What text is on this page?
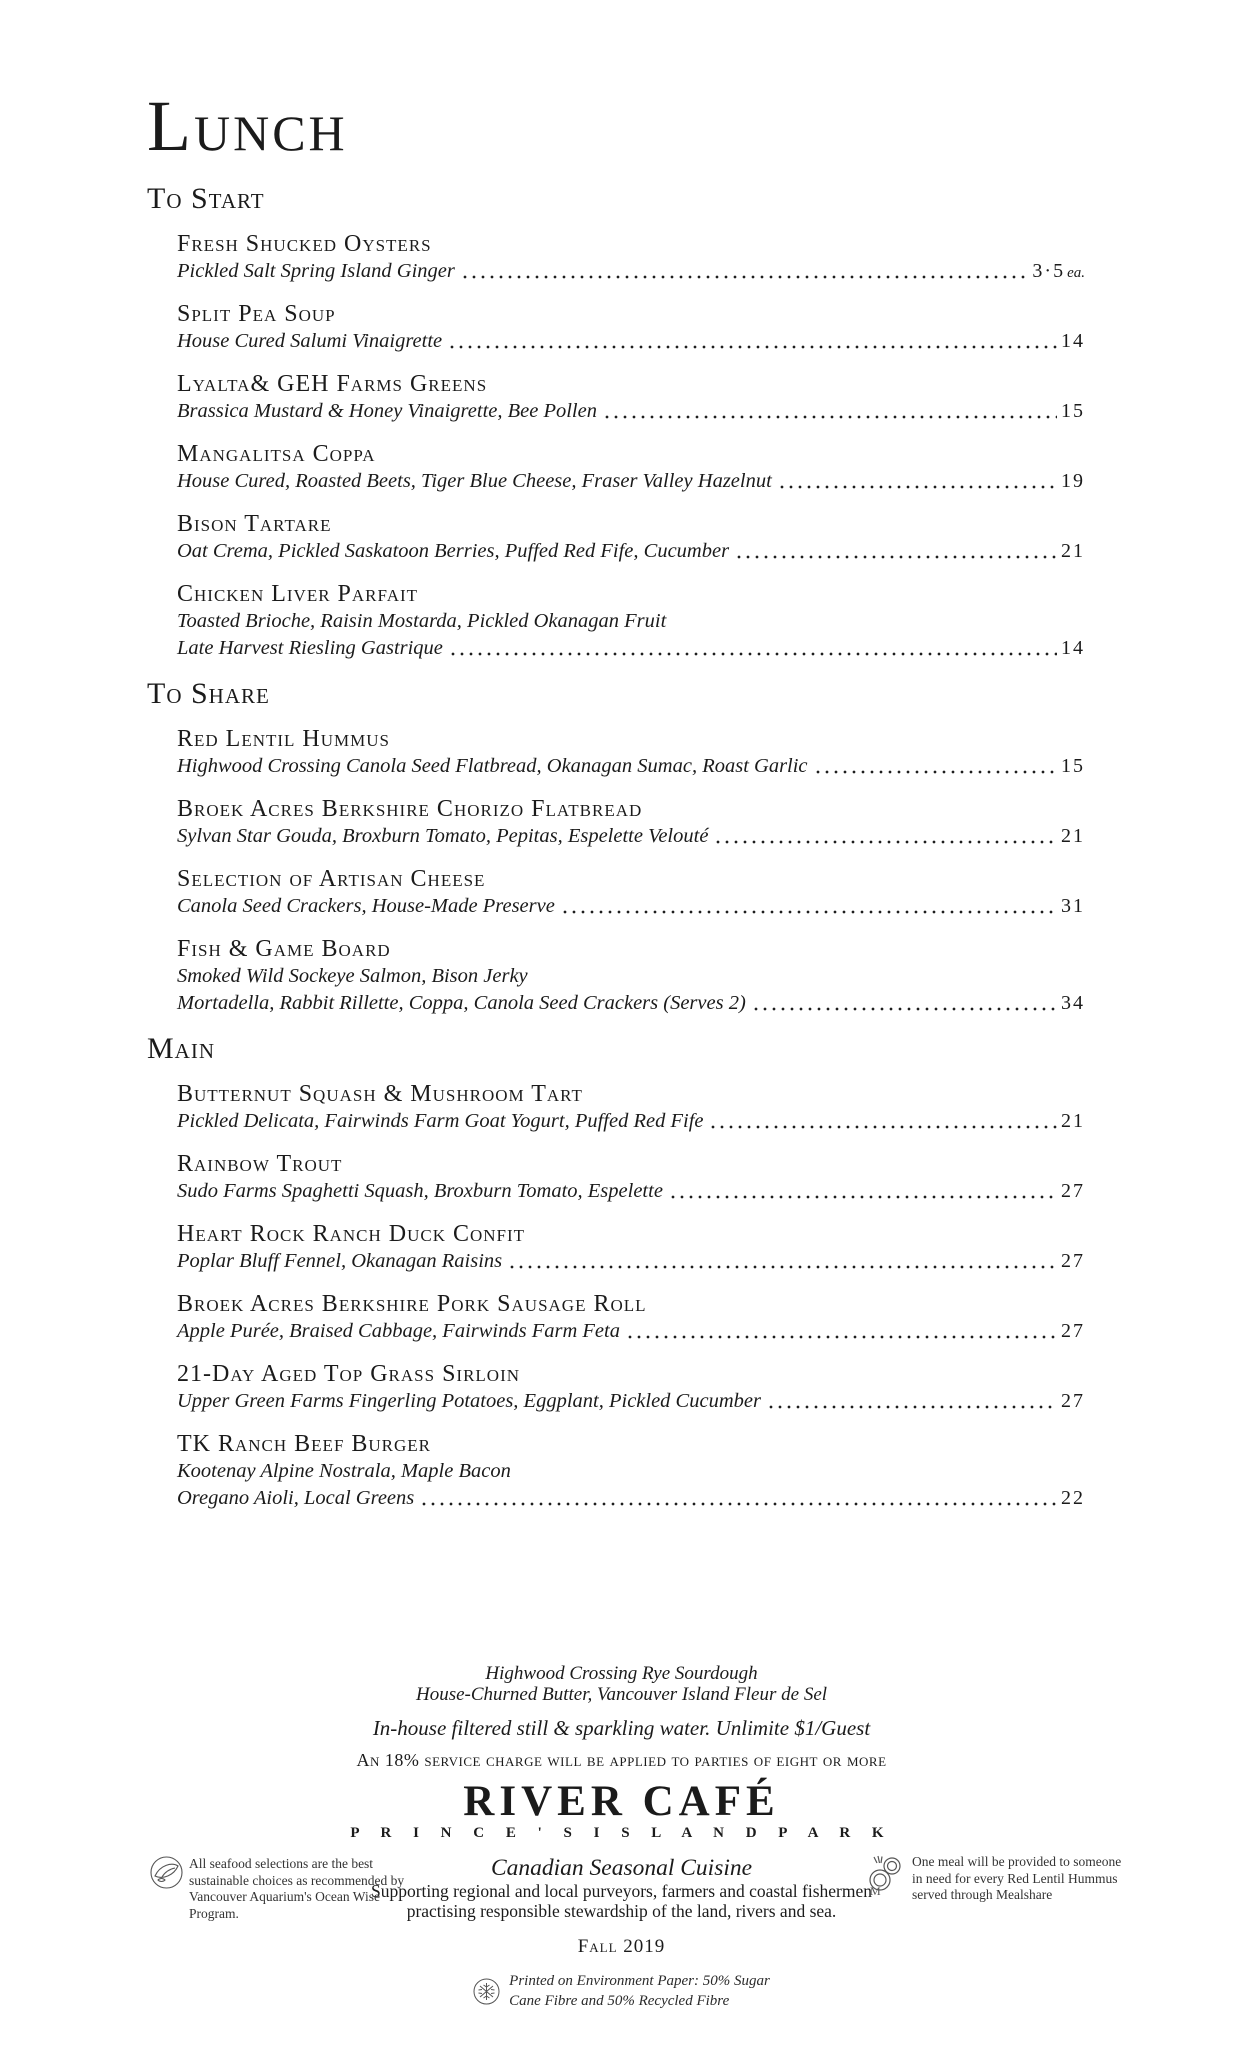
Lunch
To Start
Fresh Shucked Oysters
Pickled Salt Spring Island Ginger	3·5 ea.
Split Pea Soup
House Cured Salumi Vinaigrette	14
Lyalta& GEH Farms Greens
Brassica Mustard & Honey Vinaigrette, Bee Pollen	15
Mangalitsa Coppa
House Cured, Roasted Beets, Tiger Blue Cheese, Fraser Valley Hazelnut	19
Bison Tartare
Oat Crema, Pickled Saskatoon Berries, Puffed Red Fife, Cucumber	21
Chicken Liver Parfait
Toasted Brioche, Raisin Mostarda, Pickled Okanagan Fruit
Late Harvest Riesling Gastrique	14
To Share
Red Lentil Hummus
Highwood Crossing Canola Seed Flatbread, Okanagan Sumac, Roast Garlic	15
Broek Acres Berkshire Chorizo Flatbread
Sylvan Star Gouda, Broxburn Tomato, Pepitas, Espelette Velouté	21
Selection of Artisan Cheese
Canola Seed Crackers, House-Made Preserve	31
Fish & Game Board
Smoked Wild Sockeye Salmon, Bison Jerky
Mortadella, Rabbit Rillette, Coppa, Canola Seed Crackers (Serves 2)	34
Main
Butternut Squash & Mushroom Tart
Pickled Delicata, Fairwinds Farm Goat Yogurt, Puffed Red Fife	21
Rainbow Trout
Sudo Farms Spaghetti Squash, Broxburn Tomato, Espelette	27
Heart Rock Ranch Duck Confit
Poplar Bluff Fennel, Okanagan Raisins	27
Broek Acres Berkshire Pork Sausage Roll
Apple Purée, Braised Cabbage, Fairwinds Farm Feta	27
21-Day Aged Top Grass Sirloin
Upper Green Farms Fingerling Potatoes, Eggplant, Pickled Cucumber	27
TK Ranch Beef Burger
Kootenay Alpine Nostrala, Maple Bacon
Oregano Aioli, Local Greens	22
Highwood Crossing Rye Sourdough
House-Churned Butter, Vancouver Island Fleur de Sel
In-house filtered still & sparkling water. Unlimite $1/Guest
An 18% service charge will be applied to parties of eight or more
RIVER CAFÉ
P R I N C E ' S I S L A N D P A R K
Canadian Seasonal Cuisine
Supporting regional and local purveyors, farmers and coastal fishermen
practising responsible stewardship of the land, rivers and sea.
Fall 2019
Printed on Environment Paper: 50% Sugar
Cane Fibre and 50% Recycled Fibre
All seafood selections are the best sustainable choices as recommended by Vancouver Aquarium's Ocean Wise Program.
M
One meal will be provided to someone in need for every Red Lentil Hummus served through Mealshare
